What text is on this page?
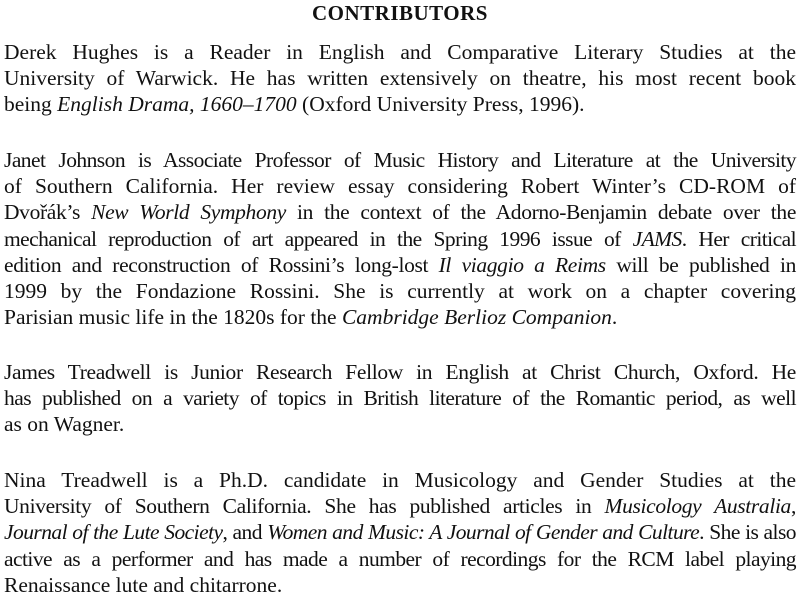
CONTRIBUTORS

Derek Hughes is a Reader in English and Comparative Literary Studies at the
University of Warwick. He has written extensively on theatre, his most recent book
being English Drama, 1660–1700 (Oxford University Press, 1996).

Janet Johnson is Associate Professor of Music History and Literature at the University
of Southern California. Her review essay considering Robert Winter’s CD-ROM of
Dvořák’s New World Symphony in the context of the Adorno-Benjamin debate over the
mechanical reproduction of art appeared in the Spring 1996 issue of JAMS. Her critical
edition and reconstruction of Rossini’s long-lost Il viaggio a Reims will be published in
1999 by the Fondazione Rossini. She is currently at work on a chapter covering
Parisian music life in the 1820s for the Cambridge Berlioz Companion.

James Treadwell is Junior Research Fellow in English at Christ Church, Oxford. He
has published on a variety of topics in British literature of the Romantic period, as well
as on Wagner.

Nina Treadwell is a Ph.D. candidate in Musicology and Gender Studies at the
University of Southern California. She has published articles in Musicology Australia,
Journal of the Lute Society, and Women and Music: A Journal of Gender and Culture. She is also
active as a performer and has made a number of recordings for the RCM label playing
Renaissance lute and chitarrone.
